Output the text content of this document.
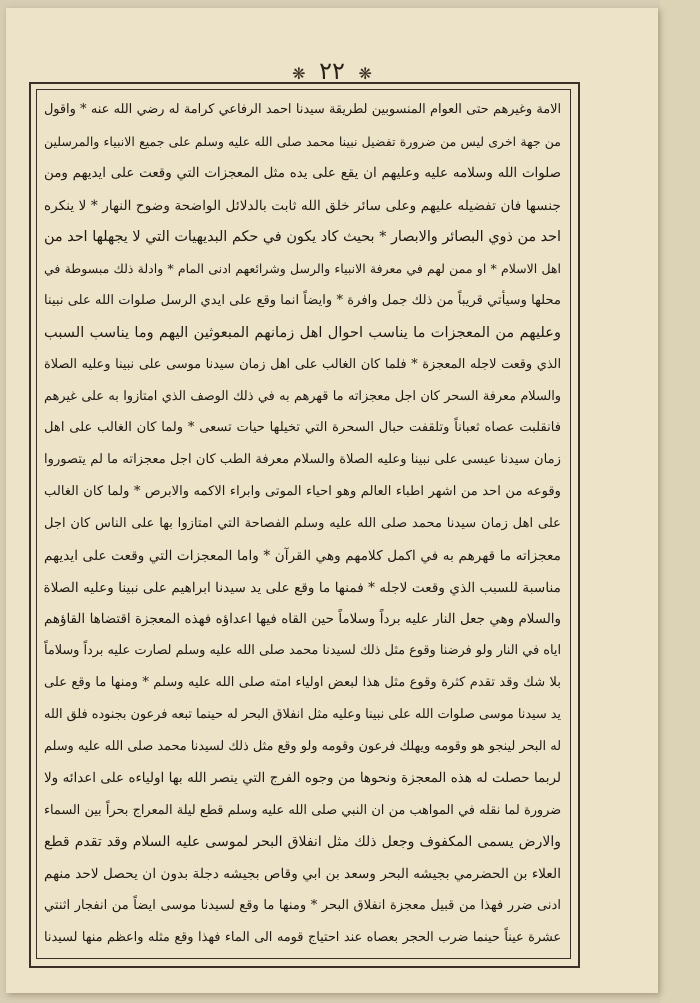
❋ ٢٢ ❋
الامة وغيرهم حتى العوام المنسوبين لطريقة سيدنا احمد الرفاعي كرامة له رضي الله عنه * واقول
من جهة اخرى ليس من ضرورة تفضيل نبينا محمد صلى الله عليه وسلم على جميع الانبياء والمرسلين
صلوات الله وسلامه عليه وعليهم ان يقع على يده مثل المعجزات التي وقعت على ايديهم ومن
جنسها فان تفضيله عليهم وعلى سائر خلق الله ثابت بالدلائل الواضحة وضوح النهار * لا ينكره
احد من ذوي البصائر والابصار * بحيث كاد يكون في حكم البديهيات التي لا يجهلها احد من
اهل الاسلام * او ممن لهم في معرفة الانبياء والرسل وشرائعهم ادنى المام * وادلة ذلك مبسوطة في
محلها وسيأتي قريباً من ذلك جمل وافرة * وايضاً انما وقع على ايدي الرسل صلوات الله على نبينا
وعليهم من المعجزات ما يناسب احوال اهل زمانهم المبعوثين اليهم وما يناسب السبب
الذي وقعت لاجله المعجزة * فلما كان الغالب على اهل زمان سيدنا موسى على نبينا وعليه الصلاة
والسلام معرفة السحر كان اجل معجزاته ما قهرهم به في ذلك الوصف الذي امتازوا به على غيرهم
فانقلبت عصاه ثعباناً وتلقفت حبال السحرة التي تخيلها حيات تسعى * ولما كان الغالب على اهل
زمان سيدنا عيسى على نبينا وعليه الصلاة والسلام معرفة الطب كان اجل معجزاته ما لم يتصوروا
وقوعه من احد من اشهر اطباء العالم وهو احياء الموتى وابراء الاكمه والابرص * ولما كان الغالب
على اهل زمان سيدنا محمد صلى الله عليه وسلم الفصاحة التي امتازوا بها على الناس كان اجل
معجزاته ما قهرهم به في اكمل كلامهم وهي القرآن * واما المعجزات التي وقعت على ايديهم
مناسبة للسبب الذي وقعت لاجله * فمنها ما وقع على يد سيدنا ابراهيم على نبينا وعليه الصلاة
والسلام وهي جعل النار عليه برداً وسلاماً حين القاه فيها اعداؤه فهذه المعجزة اقتضاها القاؤهم
اياه في النار ولو فرضنا وقوع مثل ذلك لسيدنا محمد صلى الله عليه وسلم لصارت عليه برداً وسلاماً
بلا شك وقد تقدم كثرة وقوع مثل هذا لبعض اولياء امته صلى الله عليه وسلم * ومنها ما وقع على
يد سيدنا موسى صلوات الله على نبينا وعليه مثل انفلاق البحر له حينما تبعه فرعون بجنوده فلق الله
له البحر لينجو هو وقومه ويهلك فرعون وقومه ولو وقع مثل ذلك لسيدنا محمد صلى الله عليه وسلم
لربما حصلت له هذه المعجزة ونحوها من وجوه الفرج التي ينصر الله بها اولياءه على اعدائه ولا
ضرورة لما نقله في المواهب من ان النبي صلى الله عليه وسلم قطع ليلة المعراج بحراً بين السماء
والارض يسمى المكفوف وجعل ذلك مثل انفلاق البحر لموسى عليه السلام وقد تقدم قطع
العلاء بن الحضرمي بجيشه البحر وسعد بن ابي وقاص بجيشه دجلة بدون ان يحصل لاحد منهم
ادنى ضرر فهذا من قبيل معجزة انفلاق البحر * ومنها ما وقع لسيدنا موسى ايضاً من انفجار اثنتي
عشرة عيناً حينما ضرب الحجر بعصاه عند احتياج قومه الى الماء فهذا وقع مثله واعظم منها لسيدنا
